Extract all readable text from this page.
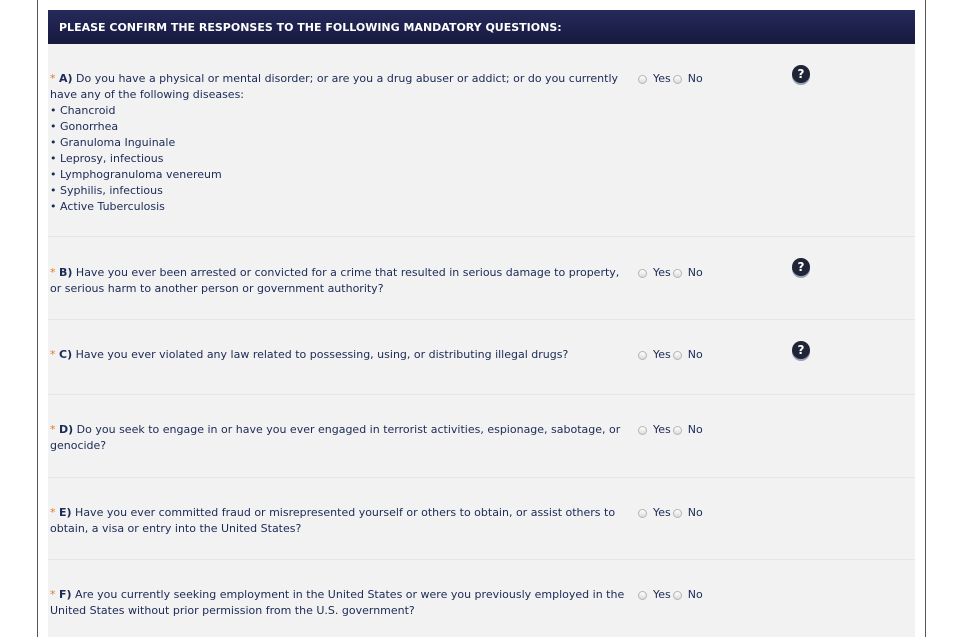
PLEASE CONFIRM THE RESPONSES TO THE FOLLOWING MANDATORY QUESTIONS:
* A) Do you have a physical or mental disorder; or are you a drug abuser or addict; or do you currently have any of the following diseases:
• Chancroid
• Gonorrhea
• Granuloma Inguinale
• Leprosy, infectious
• Lymphogranuloma venereum
• Syphilis, infectious
• Active Tuberculosis
Yes No	?
* B) Have you ever been arrested or convicted for a crime that resulted in serious damage to property, or serious harm to another person or government authority?
Yes No	?
* C) Have you ever violated any law related to possessing, using, or distributing illegal drugs?	Yes No	?
* D) Do you seek to engage in or have you ever engaged in terrorist activities, espionage, sabotage, or genocide?
Yes No
* E) Have you ever committed fraud or misrepresented yourself or others to obtain, or assist others to obtain, a visa or entry into the United States?
Yes No
* F) Are you currently seeking employment in the United States or were you previously employed in the United States without prior permission from the U.S. government?
Yes No
